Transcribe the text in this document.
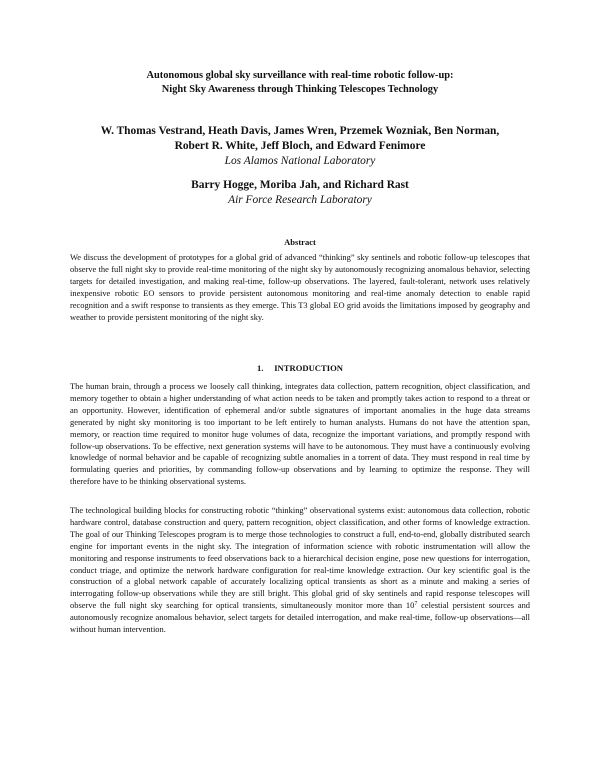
Autonomous global sky surveillance with real-time robotic follow-up:
Night Sky Awareness through Thinking Telescopes Technology
W. Thomas Vestrand, Heath Davis, James Wren, Przemek Wozniak, Ben Norman,
Robert R. White, Jeff Bloch, and Edward Fenimore
Los Alamos National Laboratory
Barry Hogge, Moriba Jah, and Richard Rast
Air Force Research Laboratory
Abstract
We discuss the development of prototypes for a global grid of advanced “thinking” sky sentinels and robotic follow-up telescopes that observe the full night sky to provide real-time monitoring of the night sky by autonomously recognizing anomalous behavior, selecting targets for detailed investigation, and making real-time, follow-up observations. The layered, fault-tolerant, network uses relatively inexpensive robotic EO sensors to provide persistent autonomous monitoring and real-time anomaly detection to enable rapid recognition and a swift response to transients as they emerge. This T3 global EO grid avoids the limitations imposed by geography and weather to provide persistent monitoring of the night sky.
1.     INTRODUCTION
The human brain, through a process we loosely call thinking, integrates data collection, pattern recognition, object classification, and memory together to obtain a higher understanding of what action needs to be taken and promptly takes action to respond to a threat or an opportunity. However, identification of ephemeral and/or subtle signatures of important anomalies in the huge data streams generated by night sky monitoring is too important to be left entirely to human analysts. Humans do not have the attention span, memory, or reaction time required to monitor huge volumes of data, recognize the important variations, and promptly respond with follow-up observations. To be effective, next generation systems will have to be autonomous. They must have a continuously evolving knowledge of normal behavior and be capable of recognizing subtle anomalies in a torrent of data. They must respond in real time by formulating queries and priorities, by commanding follow-up observations and by learning to optimize the response. They will therefore have to be thinking observational systems.
The technological building blocks for constructing robotic “thinking” observational systems exist: autonomous data collection, robotic hardware control, database construction and query, pattern recognition, object classification, and other forms of knowledge extraction. The goal of our Thinking Telescopes program is to merge those technologies to construct a full, end-to-end, globally distributed search engine for important events in the night sky. The integration of information science with robotic instrumentation will allow the monitoring and response instruments to feed observations back to a hierarchical decision engine, pose new questions for interrogation, conduct triage, and optimize the network hardware configuration for real-time knowledge extraction. Our key scientific goal is the construction of a global network capable of accurately localizing optical transients as short as a minute and making a series of interrogating follow-up observations while they are still bright. This global grid of sky sentinels and rapid response telescopes will observe the full night sky searching for optical transients, simultaneously monitor more than $10^7$ celestial persistent sources and autonomously recognize anomalous behavior, select targets for detailed interrogation, and make real-time, follow-up observations—all without human intervention.
